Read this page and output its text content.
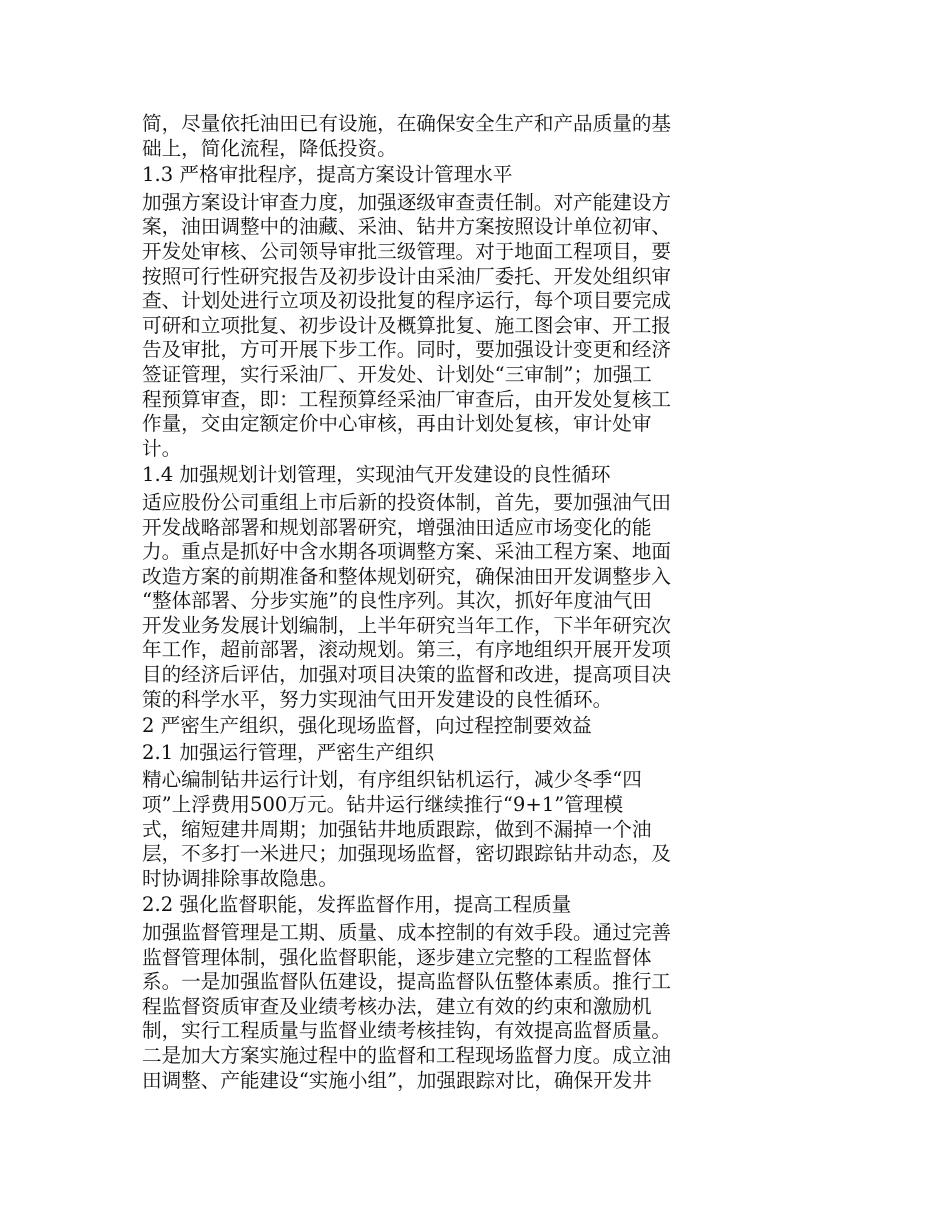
简，尽量依托油田已有设施，在确保安全生产和产品质量的基
础上，简化流程，降低投资。
1.3 严格审批程序，提高方案设计管理水平
加强方案设计审查力度，加强逐级审查责任制。对产能建设方
案，油田调整中的油藏、采油、钻井方案按照设计单位初审、
开发处审核、公司领导审批三级管理。对于地面工程项目，要
按照可行性研究报告及初步设计由采油厂委托、开发处组织审
查、计划处进行立项及初设批复的程序运行，每个项目要完成
可研和立项批复、初步设计及概算批复、施工图会审、开工报
告及审批，方可开展下步工作。同时，要加强设计变更和经济
签证管理，实行采油厂、开发处、计划处“三审制”；加强工
程预算审查，即：工程预算经采油厂审查后，由开发处复核工
作量，交由定额定价中心审核，再由计划处复核，审计处审
计。
1.4 加强规划计划管理，实现油气开发建设的良性循环
适应股份公司重组上市后新的投资体制，首先，要加强油气田
开发战略部署和规划部署研究，增强油田适应市场变化的能
力。重点是抓好中含水期各项调整方案、采油工程方案、地面
改造方案的前期准备和整体规划研究，确保油田开发调整步入
“整体部署、分步实施”的良性序列。其次，抓好年度油气田
开发业务发展计划编制，上半年研究当年工作，下半年研究次
年工作，超前部署，滚动规划。第三，有序地组织开展开发项
目的经济后评估，加强对项目决策的监督和改进，提高项目决
策的科学水平，努力实现油气田开发建设的良性循环。
2 严密生产组织，强化现场监督，向过程控制要效益
2.1 加强运行管理，严密生产组织
精心编制钻井运行计划，有序组织钻机运行，减少冬季“四
项”上浮费用500万元。钻井运行继续推行“9+1”管理模
式，缩短建井周期；加强钻井地质跟踪，做到不漏掉一个油
层，不多打一米进尺；加强现场监督，密切跟踪钻井动态，及
时协调排除事故隐患。
2.2 强化监督职能，发挥监督作用，提高工程质量
加强监督管理是工期、质量、成本控制的有效手段。通过完善
监督管理体制，强化监督职能，逐步建立完整的工程监督体
系。一是加强监督队伍建设，提高监督队伍整体素质。推行工
程监督资质审查及业绩考核办法，建立有效的约束和激励机
制，实行工程质量与监督业绩考核挂钩，有效提高监督质量。
二是加大方案实施过程中的监督和工程现场监督力度。成立油
田调整、产能建设“实施小组”，加强跟踪对比，确保开发井
